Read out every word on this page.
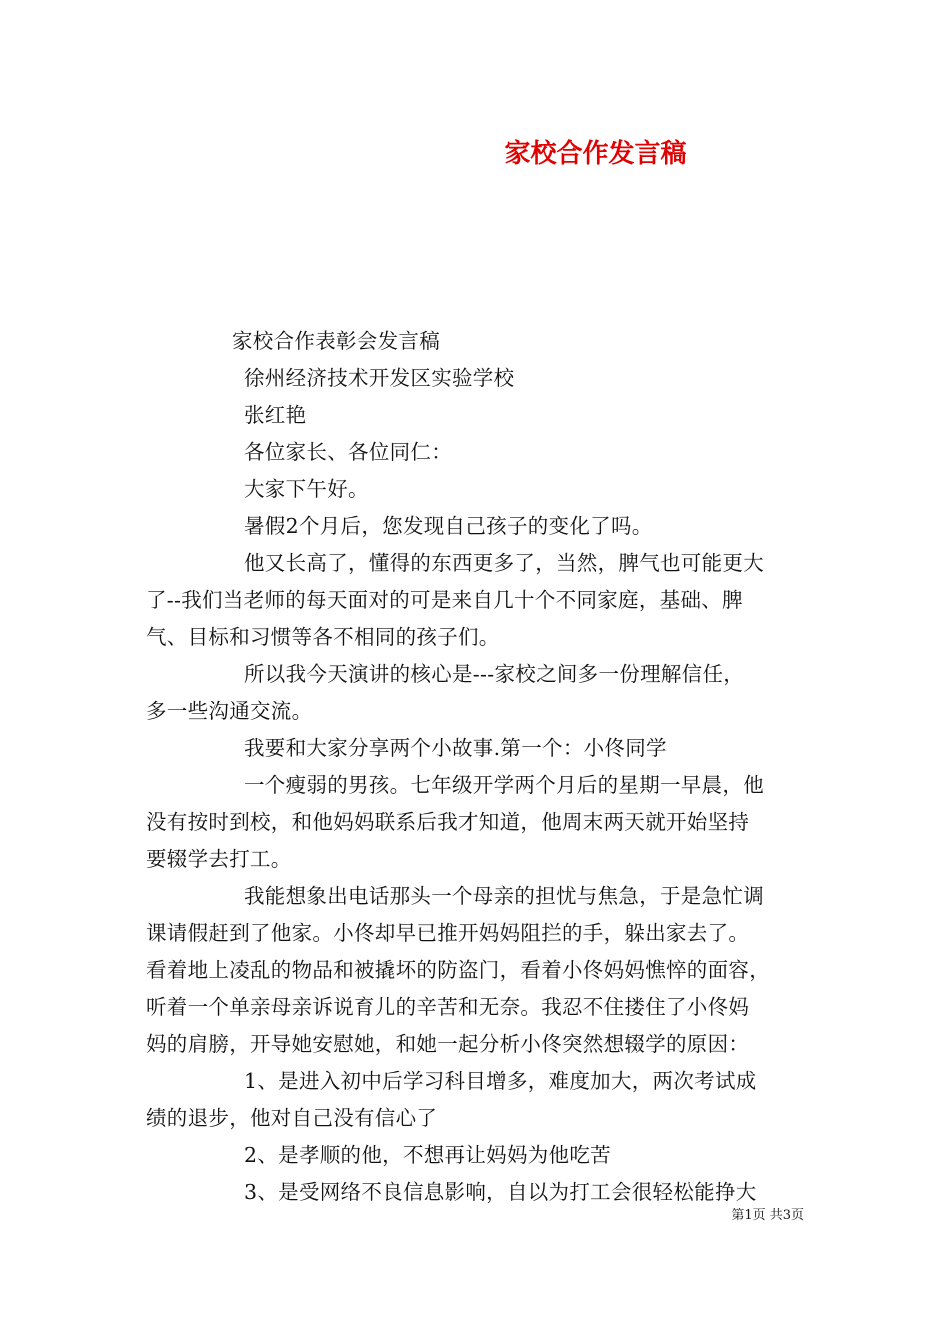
家校合作发言稿
家校合作表彰会发言稿
徐州经济技术开发区实验学校
张红艳
各位家长、各位同仁：
大家下午好。
暑假2个月后，您发现自己孩子的变化了吗。
他又长高了，懂得的东西更多了，当然，脾气也可能更大
了--我们当老师的每天面对的可是来自几十个不同家庭，基础、脾
气、目标和习惯等各不相同的孩子们。
所以我今天演讲的核心是---家校之间多一份理解信任，
多一些沟通交流。
我要和大家分享两个小故事.第一个：小佟同学
一个瘦弱的男孩。七年级开学两个月后的星期一早晨，他
没有按时到校，和他妈妈联系后我才知道，他周末两天就开始坚持
要辍学去打工。
我能想象出电话那头一个母亲的担忧与焦急，于是急忙调
课请假赶到了他家。小佟却早已推开妈妈阻拦的手，躲出家去了。
看着地上凌乱的物品和被撬坏的防盗门，看着小佟妈妈憔悴的面容，
听着一个单亲母亲诉说育儿的辛苦和无奈。我忍不住搂住了小佟妈
妈的肩膀，开导她安慰她，和她一起分析小佟突然想辍学的原因：
1、是进入初中后学习科目增多，难度加大，两次考试成
绩的退步，他对自己没有信心了
2、是孝顺的他，不想再让妈妈为他吃苦
3、是受网络不良信息影响，自以为打工会很轻松能挣大
第1页 共3页
